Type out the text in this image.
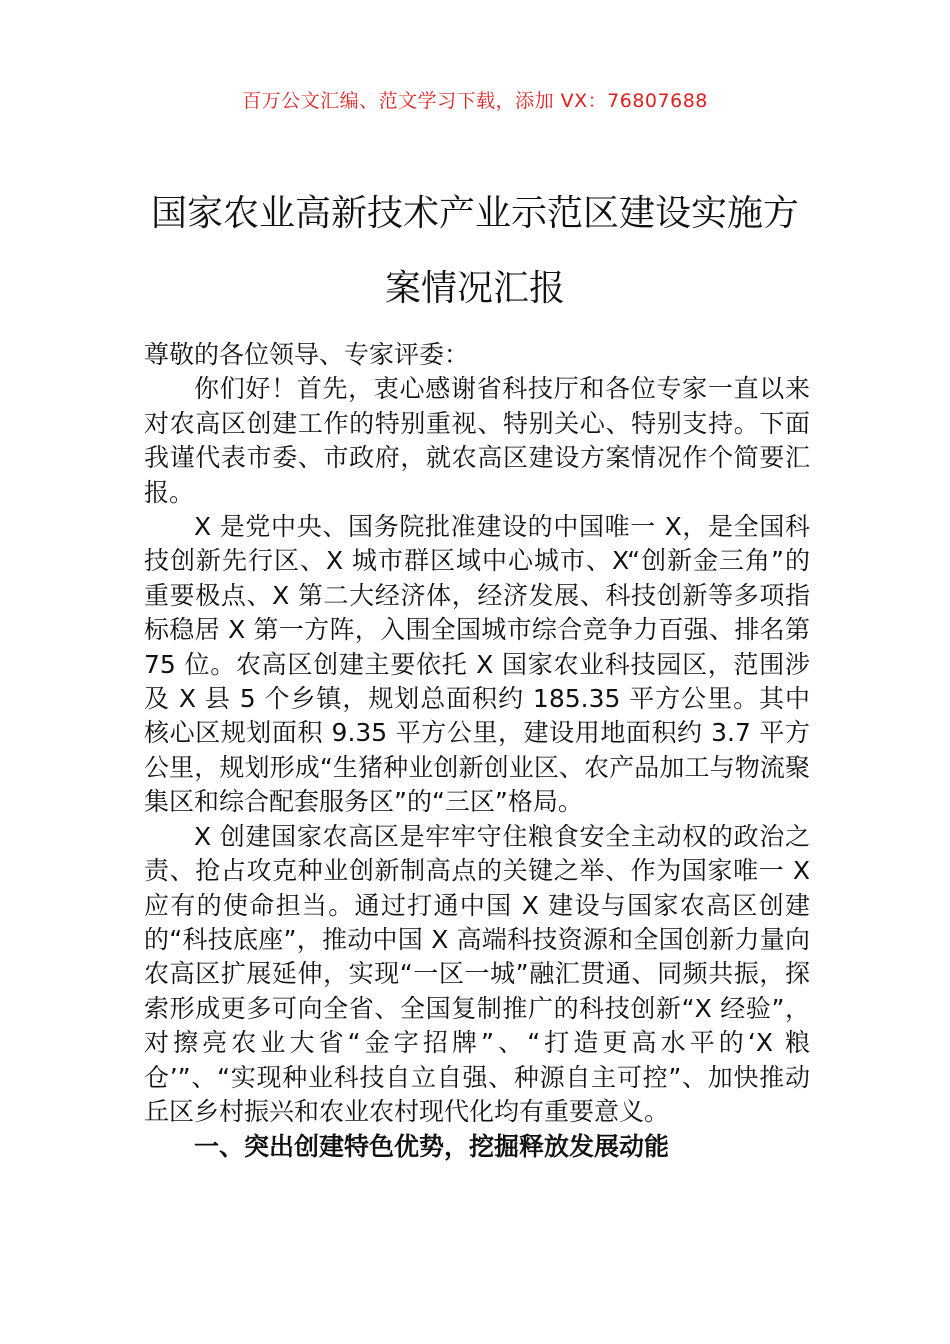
百万公文汇编、范文学习下载，添加 VX：76807688
国家农业高新技术产业示范区建设实施方
案情况汇报

尊敬的各位领导、专家评委：

你们好！首先，衷心感谢省科技厅和各位专家一直以来对农高区创建工作的特别重视、特别关心、特别支持。下面我谨代表市委、市政府，就农高区建设方案情况作个简要汇报。

X 是党中央、国务院批准建设的中国唯一 X，是全国科技创新先行区、X 城市群区域中心城市、X“创新金三角”的重要极点、X 第二大经济体，经济发展、科技创新等多项指标稳居 X 第一方阵，入围全国城市综合竞争力百强、排名第 75 位。农高区创建主要依托 X 国家农业科技园区，范围涉及 X 县 5 个乡镇，规划总面积约 185.35 平方公里。其中核心区规划面积 9.35 平方公里，建设用地面积约 3.7 平方公里，规划形成“生猪种业创新创业区、农产品加工与物流聚集区和综合配套服务区”的“三区”格局。

X 创建国家农高区是牢牢守住粮食安全主动权的政治之责、抢占攻克种业创新制高点的关键之举、作为国家唯一 X 应有的使命担当。通过打通中国 X 建设与国家农高区创建的“科技底座”，推动中国 X 高端科技资源和全国创新力量向农高区扩展延伸，实现“一区一城”融汇贯通、同频共振，探索形成更多可向全省、全国复制推广的科技创新“X 经验”，对擦亮农业大省“金字招牌”、“打造更高水平的‘X 粮仓’”、“实现种业科技自立自强、种源自主可控”、加快推动丘区乡村振兴和农业农村现代化均有重要意义。

一、突出创建特色优势，挖掘释放发展动能
